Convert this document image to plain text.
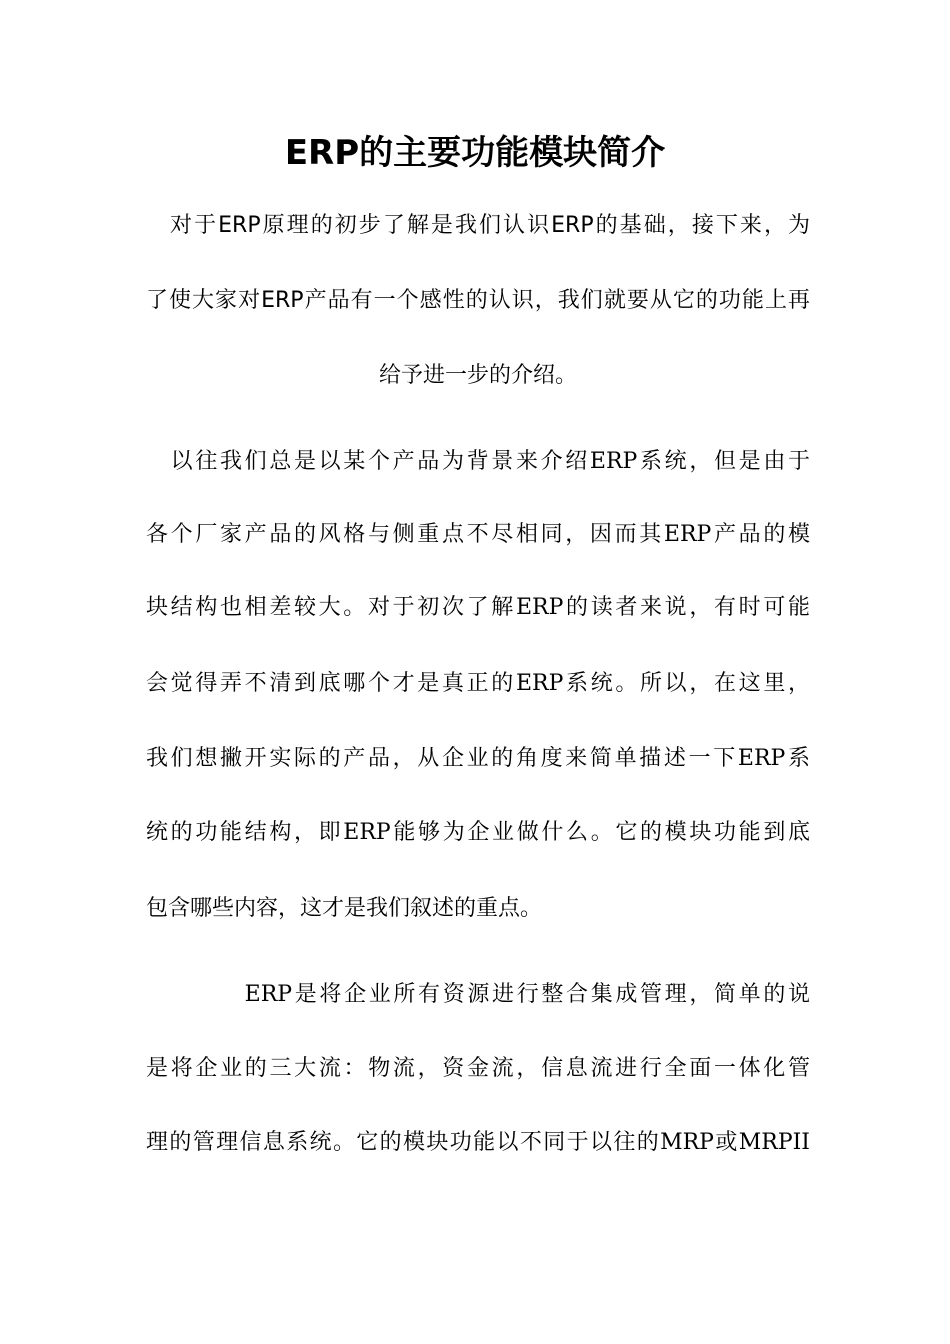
ERP的主要功能模块简介
　对于ERP原理的初步了解是我们认识ERP的基础，接下来，为
了使大家对ERP产品有一个感性的认识，我们就要从它的功能上再
给予进一步的介绍。
　以往我们总是以某个产品为背景来介绍ERP系统，但是由于
各个厂家产品的风格与侧重点不尽相同，因而其ERP产品的模
块结构也相差较大。对于初次了解ERP的读者来说，有时可能
会觉得弄不清到底哪个才是真正的ERP系统。所以，在这里，
我们想撇开实际的产品，从企业的角度来简单描述一下ERP系
统的功能结构，即ERP能够为企业做什么。它的模块功能到底
包含哪些内容，这才是我们叙述的重点。
　　　　ERP是将企业所有资源进行整合集成管理，简单的说
是将企业的三大流：物流，资金流，信息流进行全面一体化管
理的管理信息系统。它的模块功能以不同于以往的MRP或MRPII
